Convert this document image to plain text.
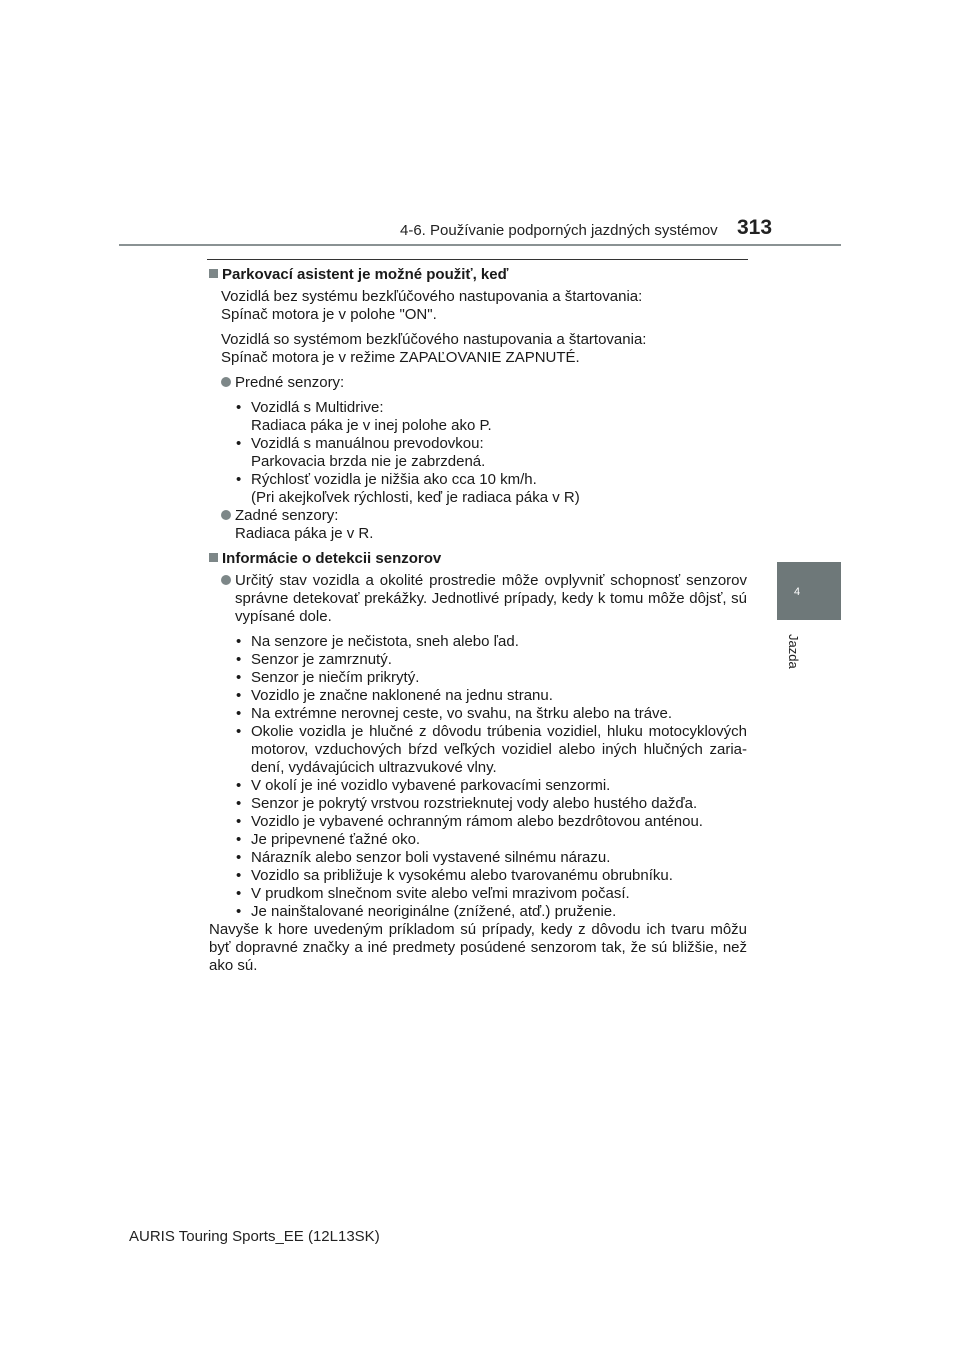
4-6. Používanie podporných jazdných systémov 313
4
Jazda
Parkovací asistent je možné použiť, keď
Vozidlá bez systému bezkľúčového nastupovania a štartovania:
Spínač motora je v polohe "ON".
Vozidlá so systémom bezkľúčového nastupovania a štartovania:
Spínač motora je v režime ZAPAĽOVANIE ZAPNUTÉ.
Predné senzory:
• Vozidlá s Multidrive:
Radiaca páka je v inej polohe ako P.
• Vozidlá s manuálnou prevodovkou:
Parkovacia brzda nie je zabrzdená.
• Rýchlosť vozidla je nižšia ako cca 10 km/h.
(Pri akejkoľvek rýchlosti, keď je radiaca páka v R)
Zadné senzory:
Radiaca páka je v R.
Informácie o detekcii senzorov
Určitý stav vozidla a okolité prostredie môže ovplyvniť schopnosť senzorov správne detekovať prekážky. Jednotlivé prípady, kedy k tomu môže dôjsť, sú vypísané dole.
• Na senzore je nečistota, sneh alebo ľad.
• Senzor je zamrznutý.
• Senzor je niečím prikrytý.
• Vozidlo je značne naklonené na jednu stranu.
• Na extrémne nerovnej ceste, vo svahu, na štrku alebo na tráve.
• Okolie vozidla je hlučné z dôvodu trúbenia vozidiel, hluku motocyklových motorov, vzduchových bŕzd veľkých vozidiel alebo iných hlučných zaria-dení, vydávajúcich ultrazvukové vlny.
• V okolí je iné vozidlo vybavené parkovacími senzormi.
• Senzor je pokrytý vrstvou rozstrieknutej vody alebo hustého dažďa.
• Vozidlo je vybavené ochranným rámom alebo bezdrôtovou anténou.
• Je pripevnené ťažné oko.
• Nárazník alebo senzor boli vystavené silnému nárazu.
• Vozidlo sa približuje k vysokému alebo tvarovanému obrubníku.
• V prudkom slnečnom svite alebo veľmi mrazivom počasí.
• Je nainštalované neoriginálne (znížené, atď.) pruženie.
Navyše k hore uvedeným príkladom sú prípady, kedy z dôvodu ich tvaru môžu byť dopravné značky a iné predmety posúdené senzorom tak, že sú bližšie, než ako sú.
AURIS Touring Sports_EE (12L13SK)
